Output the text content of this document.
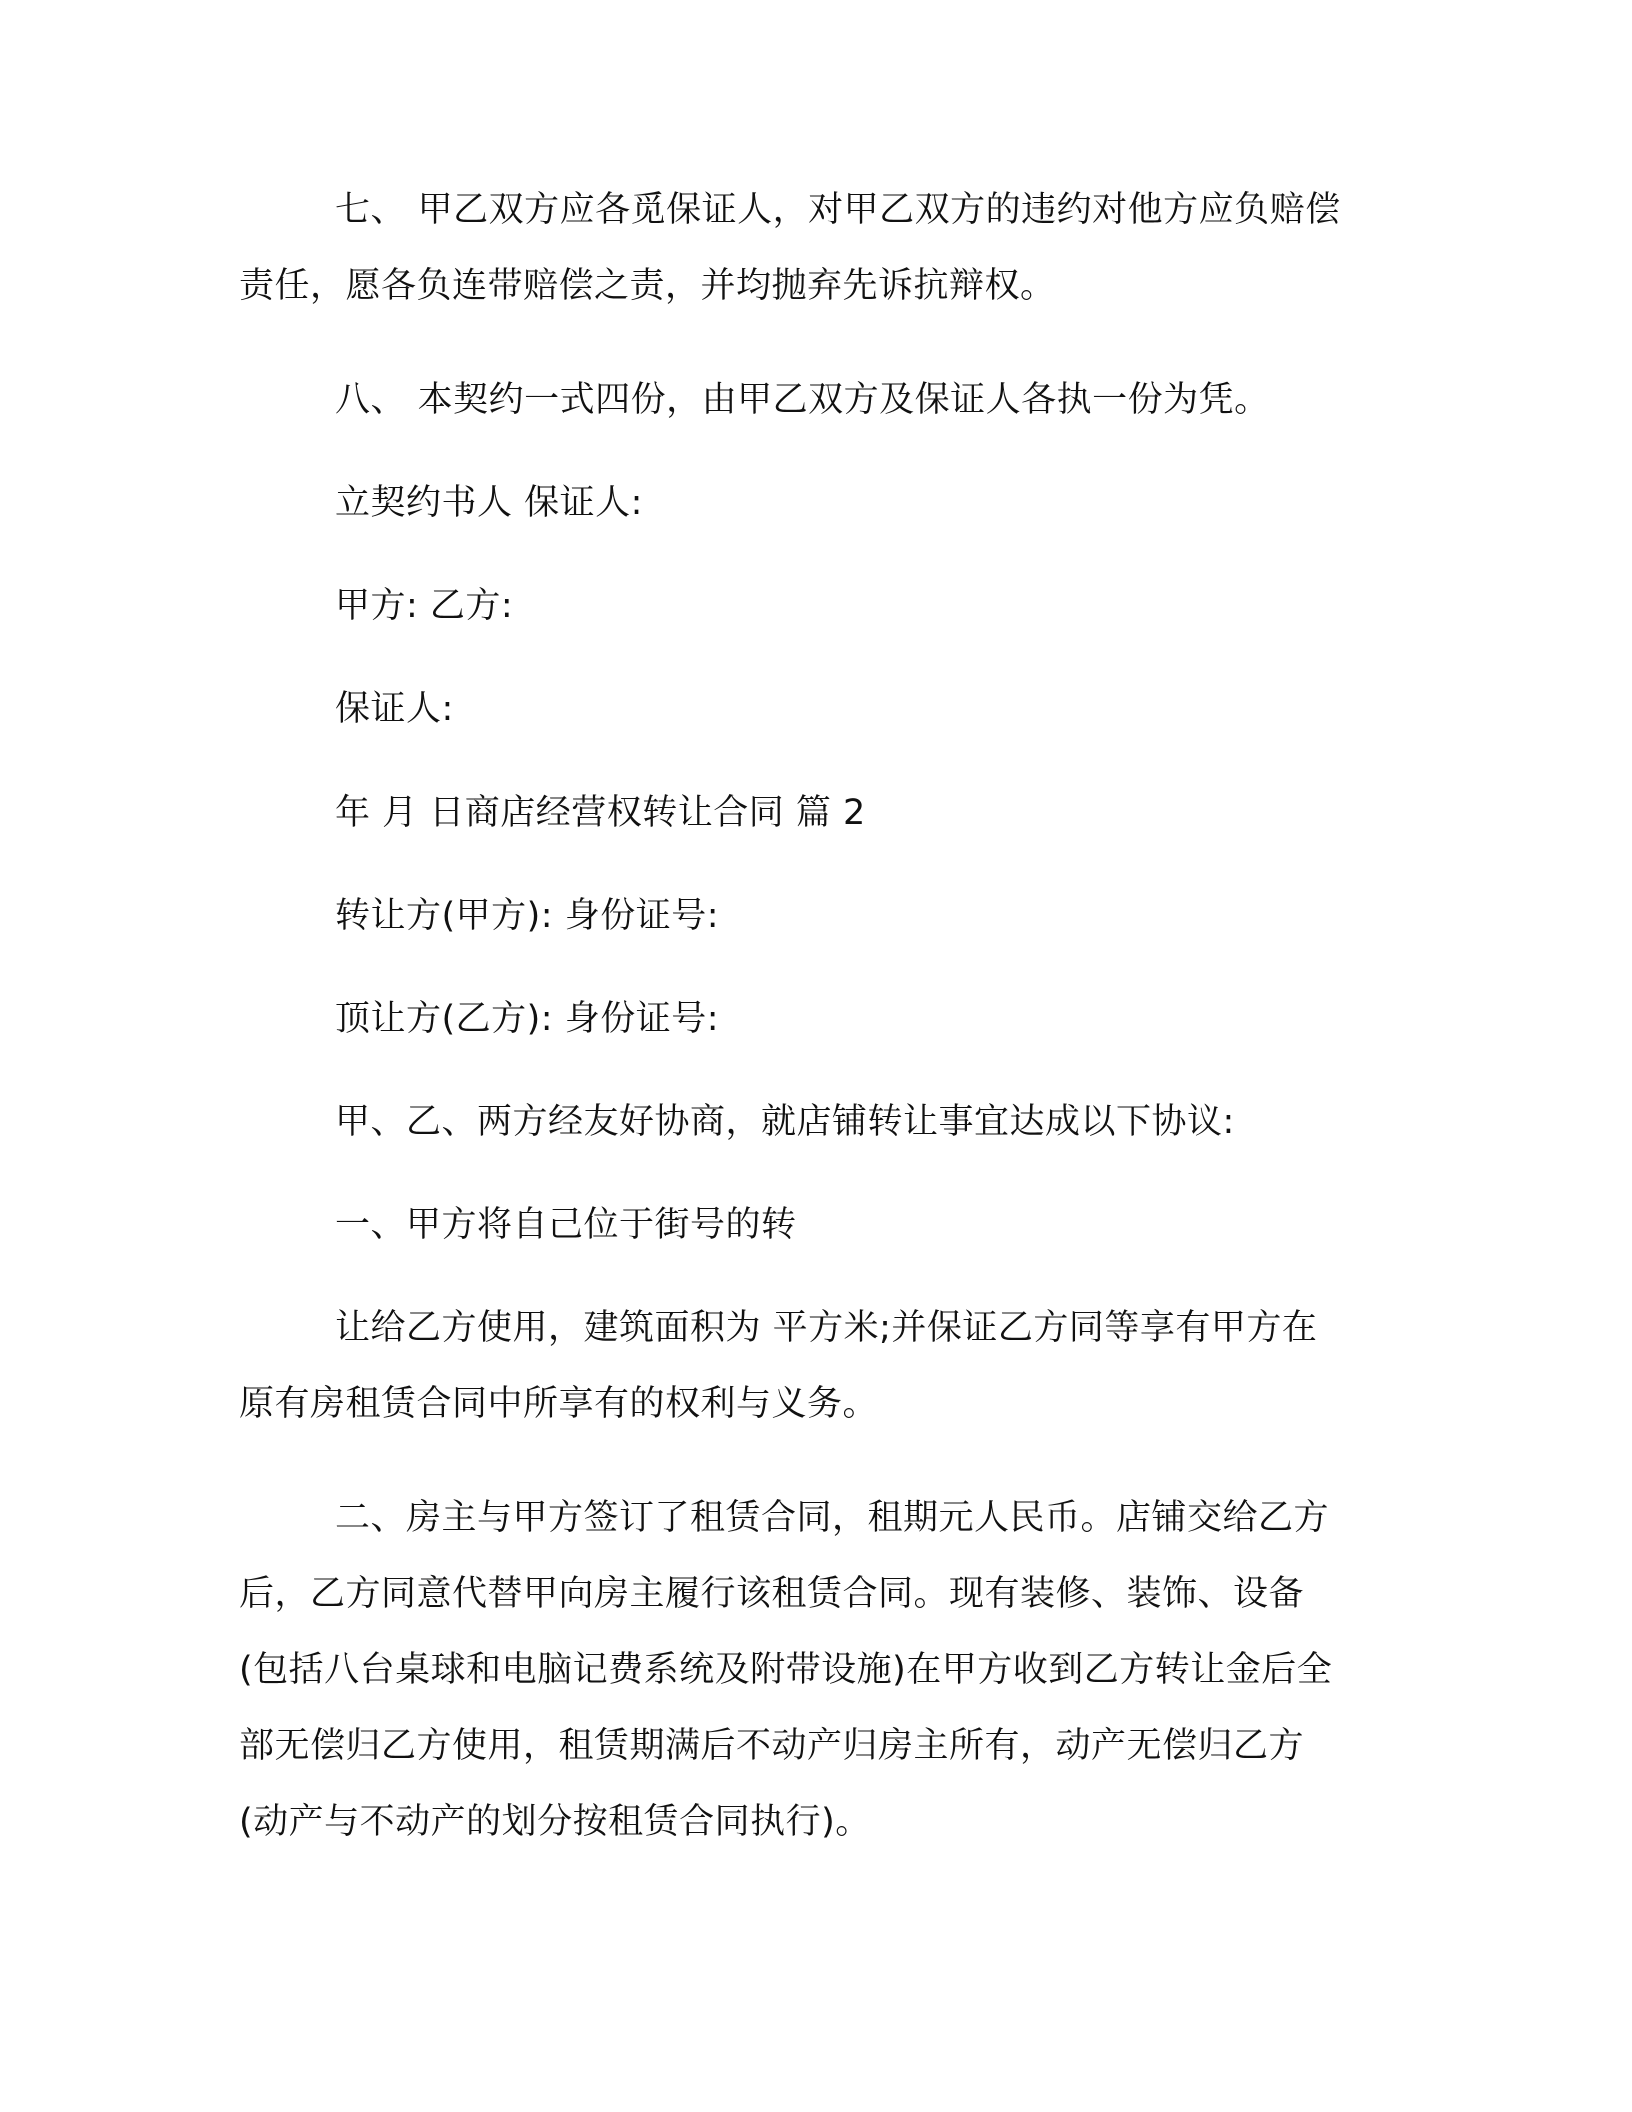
七、 甲乙双方应各觅保证人，对甲乙双方的违约对他方应负赔偿
责任，愿各负连带赔偿之责，并均抛弃先诉抗辩权。
八、 本契约一式四份，由甲乙双方及保证人各执一份为凭。
立契约书人 保证人:
甲方: 乙方:
保证人:
年 月 日商店经营权转让合同 篇 2
转让方(甲方): 身份证号:
顶让方(乙方): 身份证号:
甲、乙、两方经友好协商，就店铺转让事宜达成以下协议:
一、甲方将自己位于街号的转
让给乙方使用，建筑面积为 平方米;并保证乙方同等享有甲方在
原有房租赁合同中所享有的权利与义务。
二、房主与甲方签订了租赁合同，租期元人民币。店铺交给乙方
后，乙方同意代替甲向房主履行该租赁合同。现有装修、装饰、设备
(包括八台桌球和电脑记费系统及附带设施)在甲方收到乙方转让金后全
部无偿归乙方使用，租赁期满后不动产归房主所有，动产无偿归乙方
(动产与不动产的划分按租赁合同执行)。
